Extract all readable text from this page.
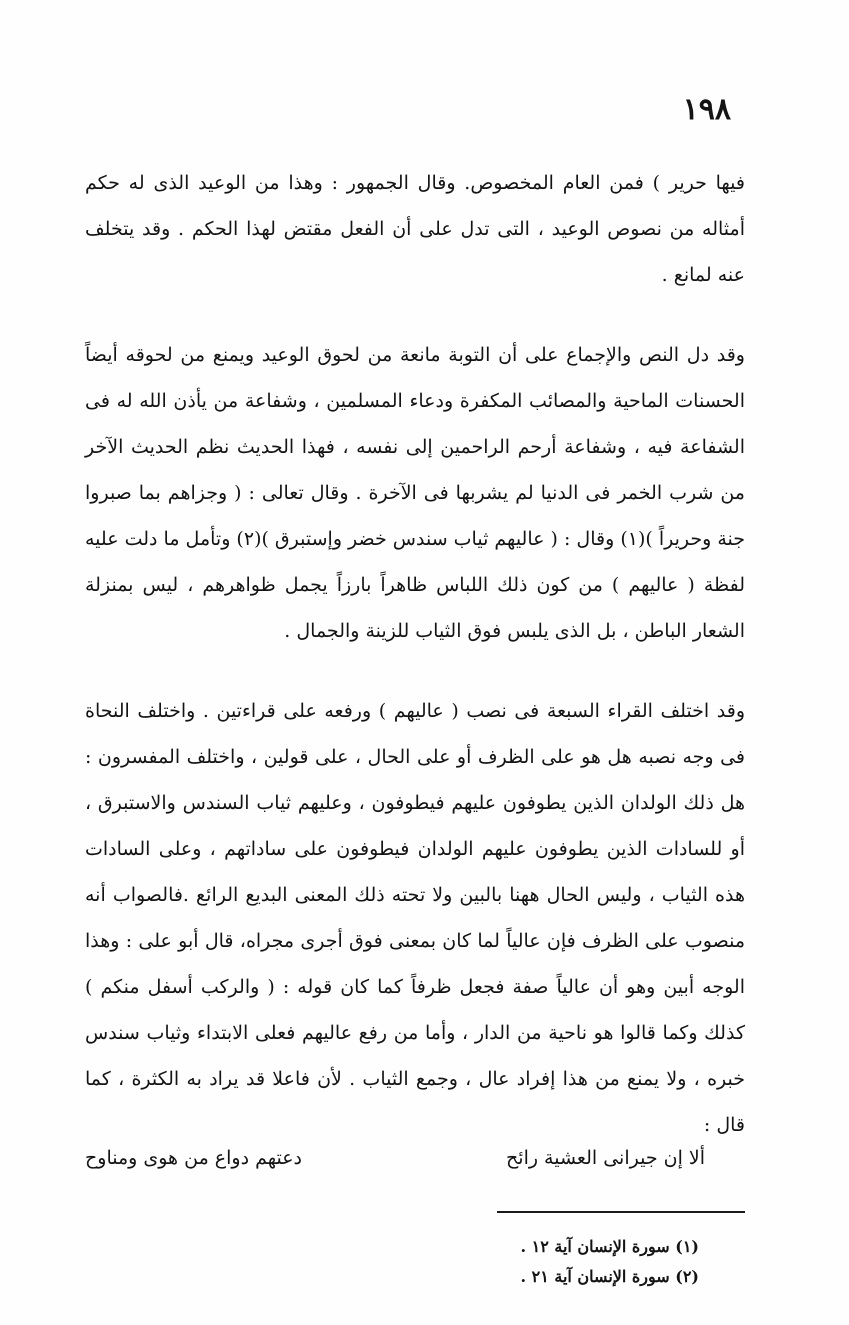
١٩٨

فيها حرير ) فمن العام المخصوص. وقال الجمهور : وهذا من الوعيد الذى له حكم أمثاله من نصوص الوعيد ، التى تدل على أن الفعل مقتض لهذا الحكم . وقد يتخلف عنه لمانع .

وقد دل النص والإجماع على أن التوبة مانعة من لحوق الوعيد ويمنع من لحوقه أيضاً الحسنات الماحية والمصائب المكفرة ودعاء المسلمين ، وشفاعة من يأذن الله له فى الشفاعة فيه ، وشفاعة أرحم الراحمين إلى نفسه ، فهذا الحديث نظم الحديث الآخر من شرب الخمر فى الدنيا لم يشربها فى الآخرة . وقال تعالى : ( وجزاهم بما صبروا جنة وحريراً )(١) وقال : ( عاليهم ثياب سندس خضر وإستبرق )(٢) وتأمل ما دلت عليه لفظة ( عاليهم ) من كون ذلك اللباس ظاهراً بارزاً يجمل ظواهرهم ، ليس بمنزلة الشعار الباطن ، بل الذى يلبس فوق الثياب للزينة والجمال .

وقد اختلف القراء السبعة فى نصب ( عاليهم ) ورفعه على قراءتين . واختلف النحاة فى وجه نصبه هل هو على الظرف أو على الحال ، على قولين ، واختلف المفسرون : هل ذلك الولدان الذين يطوفون عليهم فيطوفون ، وعليهم ثياب السندس والاستبرق ، أو للسادات الذين يطوفون عليهم الولدان فيطوفون على ساداتهم ، وعلى السادات هذه الثياب ، وليس الحال ههنا بالبين ولا تحته ذلك المعنى البديع الرائع .فالصواب أنه منصوب على الظرف فإن عالياً لما كان بمعنى فوق أجرى مجراه، قال أبو على : وهذا الوجه أبين وهو أن عالياً صفة فجعل ظرفاً كما كان قوله : ( والركب أسفل منكم ) كذلك وكما قالوا هو ناحية من الدار ، وأما من رفع عاليهم فعلى الابتداء وثياب سندس خبره ، ولا يمنع من هذا إفراد عال ، وجمع الثياب . لأن فاعلا قد يراد به الكثرة ، كما قال :

ألا إن جيرانى العشية رائح
دعتهم دواع من هوى ومناوح
(١) سورة الإنسان آية ١٢ .
(٢) سورة الإنسان آية ٢١ .
